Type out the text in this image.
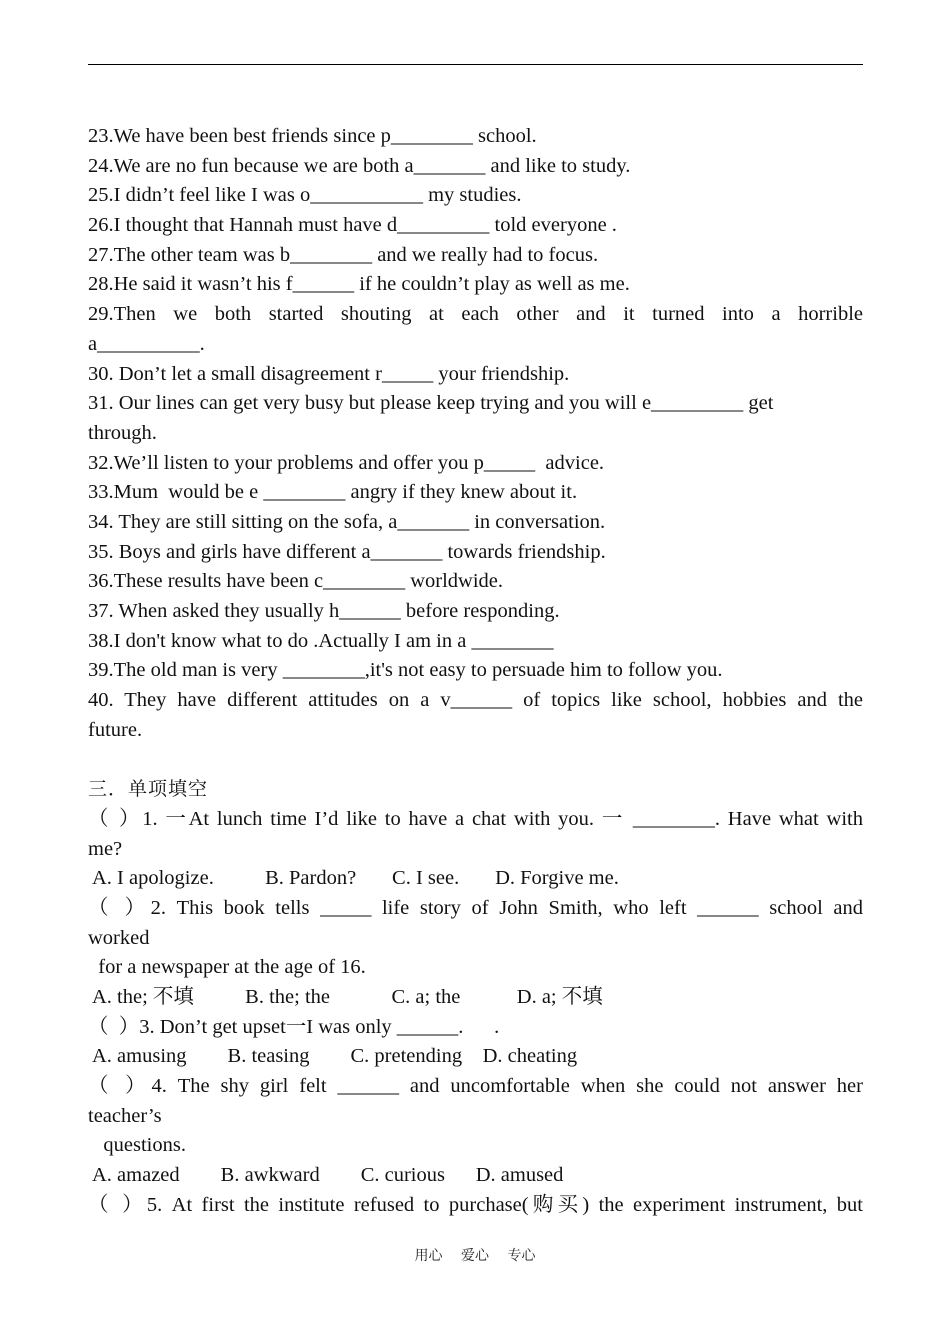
23.We have been best friends since p________ school.
24.We are no fun because we are both a_______ and like to study.
25.I didn’t feel like I was o___________ my studies.
26.I thought that Hannah must have d_________ told everyone .
27.The other team was b________ and we really had to focus.
28.He said it wasn’t his f______ if he couldn’t play as well as me.
29.Then we both started shouting at each other and it turned into a horrible
a__________.
30. Don’t let a small disagreement r_____ your friendship.
31. Our lines can get very busy but please keep trying and you will e_________ get
through.
32.We’ll listen to your problems and offer you p_____  advice.
33.Mum  would be e ________ angry if they knew about it.
34. They are still sitting on the sofa, a_______ in conversation.
35. Boys and girls have different a_______ towards friendship.
36.These results have been c________ worldwide.
37. When asked they usually h______ before responding.
38.I don't know what to do .Actually I am in a ________
39.The old man is very ________,it's not easy to persuade him to follow you.
40. They have different attitudes on a v______ of topics like school, hobbies and the
future.
三．单项填空
（ ）1. 一At lunch time I’d like to have a chat with you. 一 ________. Have what with
me?
A. I apologize.          B. Pardon?       C. I see.       D. Forgive me.
（ ）2. This book tells _____ life story of John Smith, who left ______ school and
worked
for a newspaper at the age of 16.
A. the; 不填          B. the; the            C. a; the           D. a; 不填
（  ）3. Don’t get upset一I was only ______.      .
A. amusing        B. teasing        C. pretending    D. cheating
（ ）4. The shy girl felt ______ and uncomfortable when she could not answer her
teacher’s
questions.
A. amazed        B. awkward        C. curious      D. amused
（ ）5. At first the institute refused to purchase(购买) the experiment instrument, but
用心 爱心 专心
